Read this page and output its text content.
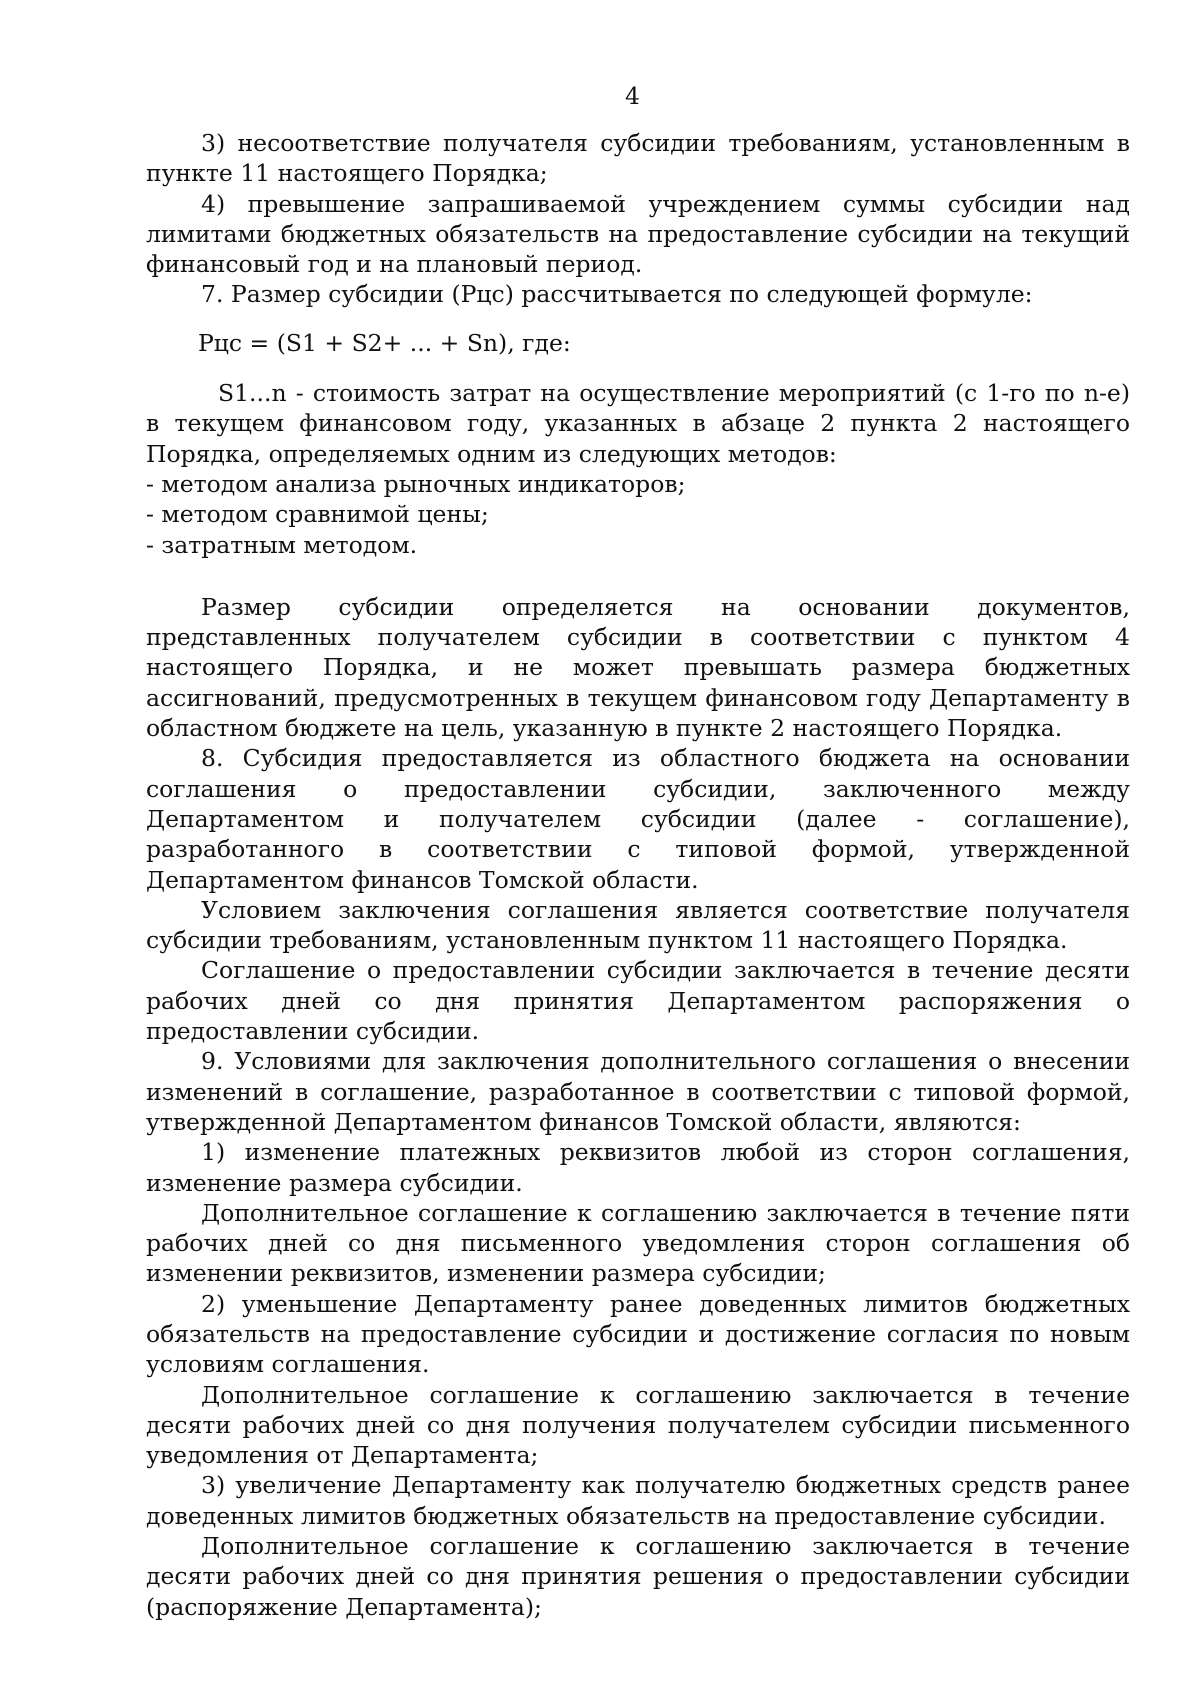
4

3) несоответствие получателя субсидии требованиям, установленным в пункте 11 настоящего Порядка;

4) превышение запрашиваемой учреждением суммы субсидии над лимитами бюджетных обязательств на предоставление субсидии на текущий финансовый год и на плановый период.

7. Размер субсидии (Рцс) рассчитывается по следующей формуле:

Рцс = (S1 + S2+ ... + Sn), где:

S1...n - стоимость затрат на осуществление мероприятий (с 1-го по n-е) в текущем финансовом году, указанных в абзаце 2 пункта 2 настоящего Порядка, определяемых одним из следующих методов:

- методом анализа рыночных индикаторов;

- методом сравнимой цены;

- затратным методом.

Размер субсидии определяется на основании документов, представленных получателем субсидии в соответствии с пунктом 4 настоящего Порядка, и не может превышать размера бюджетных ассигнований, предусмотренных в текущем финансовом году Департаменту в областном бюджете на цель, указанную в пункте 2 настоящего Порядка.

8. Субсидия предоставляется из областного бюджета на основании соглашения о предоставлении субсидии, заключенного между Департаментом и получателем субсидии (далее - соглашение), разработанного в соответствии с типовой формой, утвержденной Департаментом финансов Томской области.

Условием заключения соглашения является соответствие получателя субсидии требованиям, установленным пунктом 11 настоящего Порядка.

Соглашение о предоставлении субсидии заключается в течение десяти рабочих дней со дня принятия Департаментом распоряжения о предоставлении субсидии.

9. Условиями для заключения дополнительного соглашения о внесении изменений в соглашение, разработанное в соответствии с типовой формой, утвержденной Департаментом финансов Томской области, являются:

1) изменение платежных реквизитов любой из сторон соглашения, изменение размера субсидии.

Дополнительное соглашение к соглашению заключается в течение пяти рабочих дней со дня письменного уведомления сторон соглашения об изменении реквизитов, изменении размера субсидии;

2) уменьшение Департаменту ранее доведенных лимитов бюджетных обязательств на предоставление субсидии и достижение согласия по новым условиям соглашения.

Дополнительное соглашение к соглашению заключается в течение десяти рабочих дней со дня получения получателем субсидии письменного уведомления от Департамента;

3) увеличение Департаменту как получателю бюджетных средств ранее доведенных лимитов бюджетных обязательств на предоставление субсидии.

Дополнительное соглашение к соглашению заключается в течение десяти рабочих дней со дня принятия решения о предоставлении субсидии (распоряжение Департамента);
